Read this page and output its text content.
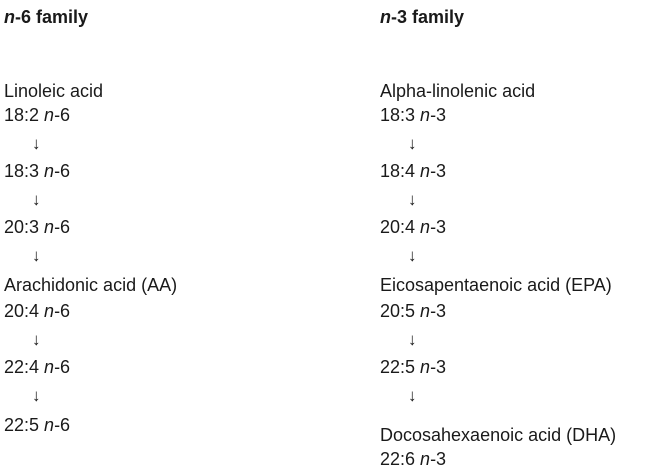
n-6 family
Linoleic acid
18:2 n-6
↓
18:3 n-6
↓
20:3 n-6
↓
Arachidonic acid (AA)
20:4 n-6
↓
22:4 n-6
↓
22:5 n-6
n-3 family
Alpha-linolenic acid
18:3 n-3
↓
18:4 n-3
↓
20:4 n-3
↓
Eicosapentaenoic acid (EPA)
20:5 n-3
↓
22:5 n-3
↓
Docosahexaenoic acid (DHA)
22:6 n-3
